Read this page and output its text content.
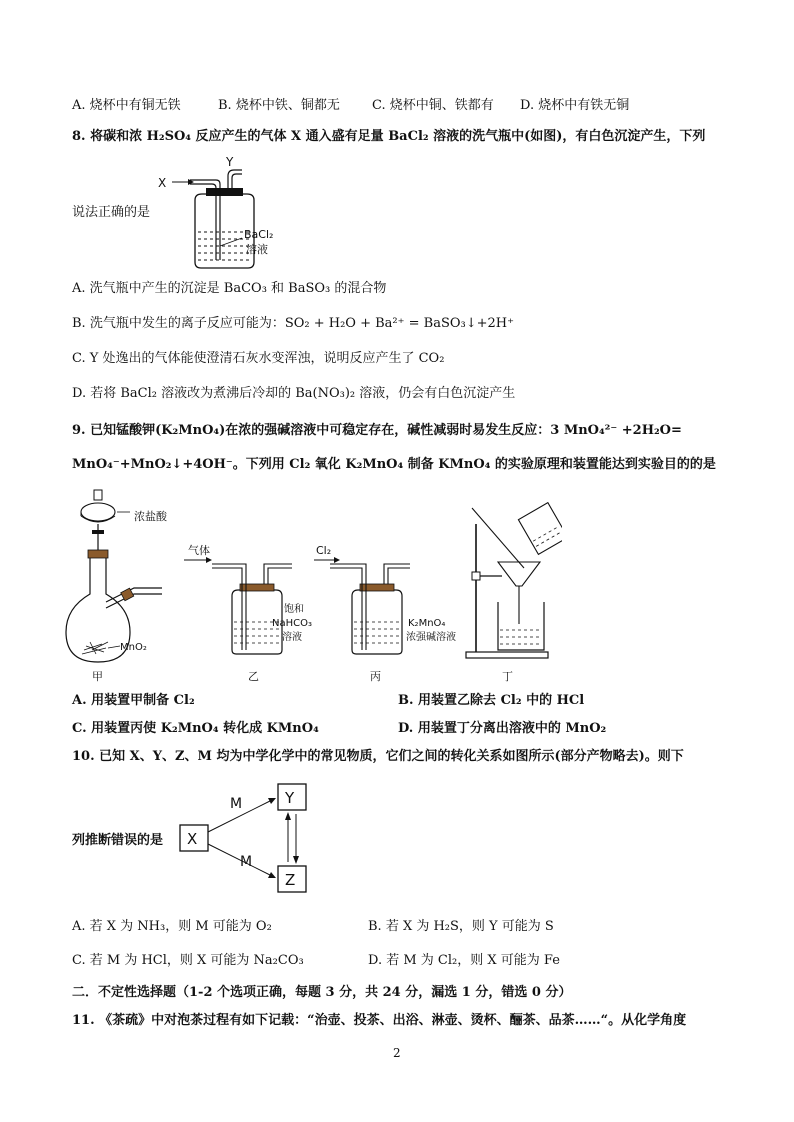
A. 烧杯中有铜无铁	B. 烧杯中铁、铜都无 C. 烧杯中铜、铁都有 D. 烧杯中有铁无铜
8. 将碳和浓 H₂SO₄ 反应产生的气体 X 通入盛有足量 BaCl₂ 溶液的洗气瓶中(如图)，有白色沉淀产生，下列
X
Y
BaCl₂
溶液
说法正确的是
A. 洗气瓶中产生的沉淀是 BaCO₃ 和 BaSO₃ 的混合物
B. 洗气瓶中发生的离子反应可能为：SO₂ + H₂O + Ba²⁺ = BaSO₃↓+2H⁺
C. Y 处逸出的气体能使澄清石灰水变浑浊，说明反应产生了 CO₂
D. 若将 BaCl₂ 溶液改为煮沸后冷却的 Ba(NO₃)₂ 溶液，仍会有白色沉淀产生
9. 已知锰酸钾(K₂MnO₄)在浓的强碱溶液中可稳定存在，碱性减弱时易发生反应：3 MnO₄²⁻ +2H₂O=
MnO₄⁻+MnO₂↓+4OH⁻。下列用 Cl₂ 氧化 K₂MnO₄ 制备 KMnO₄ 的实验原理和装置能达到实验目的的是
浓盐酸
MnO₂
甲
气体
饱和
NaHCO₃
溶液
乙
Cl₂
K₂MnO₄
浓强碱溶液
丙	丁
A. 用装置甲制备 Cl₂	B. 用装置乙除去 Cl₂ 中的 HCl
C. 用装置丙使 K₂MnO₄ 转化成 KMnO₄	D. 用装置丁分离出溶液中的 MnO₂
10. 已知 X、Y、Z、M 均为中学化学中的常见物质，它们之间的转化关系如图所示(部分产物略去)。则下
X
Y
Z
M
M
列推断错误的是
A. 若 X 为 NH₃，则 M 可能为 O₂	B. 若 X 为 H₂S，则 Y 可能为 S
C. 若 M 为 HCl，则 X 可能为 Na₂CO₃	D. 若 M 为 Cl₂，则 X 可能为 Fe
二．不定性选择题（1-2 个选项正确，每题 3 分，共 24 分，漏选 1 分，错选 0 分）
11. 《茶疏》中对泡茶过程有如下记载：“治壶、投茶、出浴、淋壶、烫杯、酾茶、品茶……“。从化学角度
2
